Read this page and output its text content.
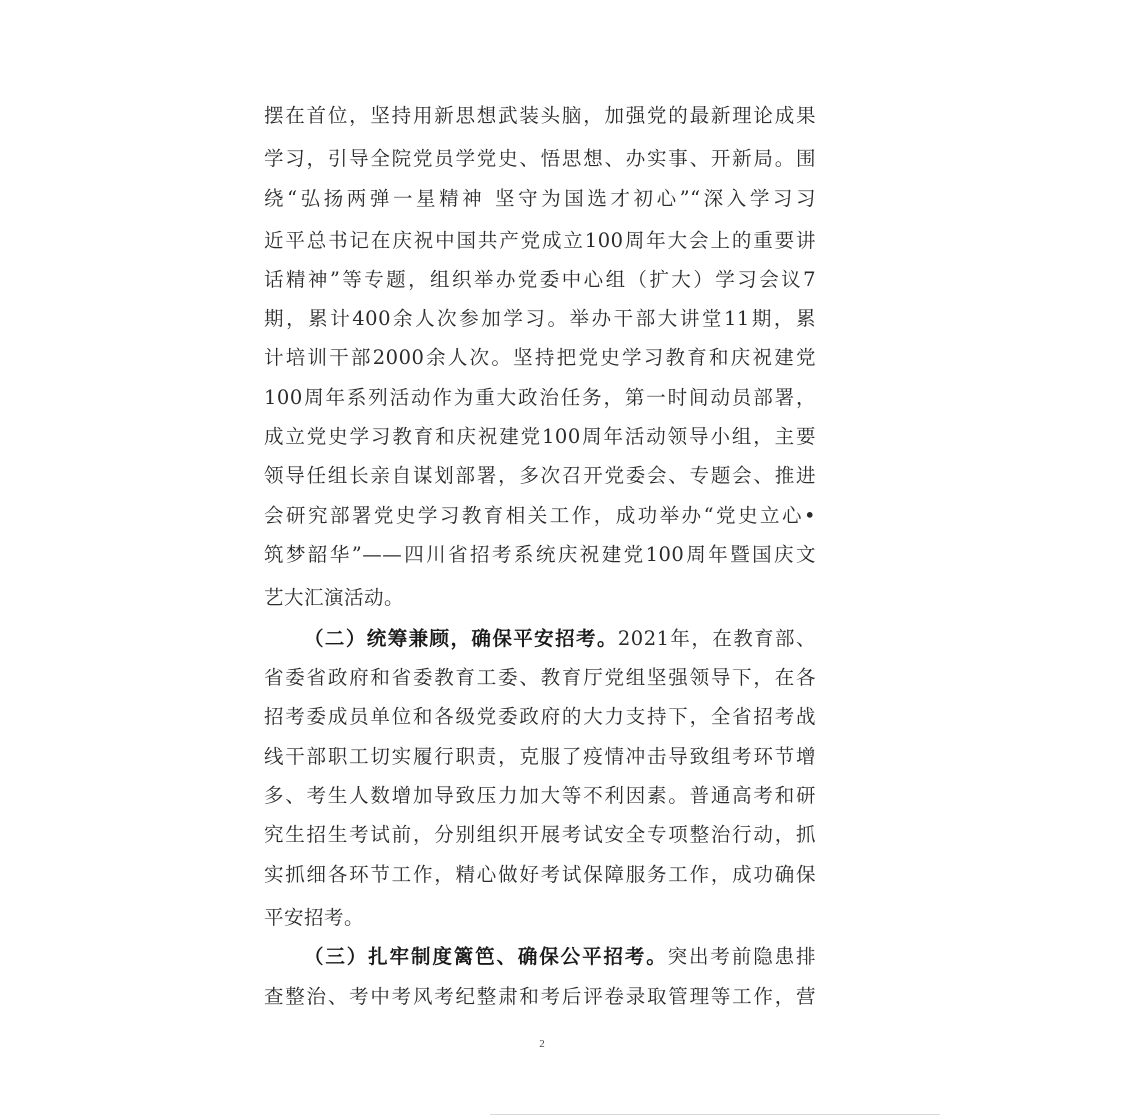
摆在首位，坚持用新思想武装头脑，加强党的最新理论成果
学习，引导全院党员学党史、悟思想、办实事、开新局。围
绕“弘扬两弹一星精神 坚守为国选才初心”“深入学习习
近平总书记在庆祝中国共产党成立100周年大会上的重要讲
话精神”等专题，组织举办党委中心组（扩大）学习会议7
期，累计400余人次参加学习。举办干部大讲堂11期，累
计培训干部2000余人次。坚持把党史学习教育和庆祝建党
100周年系列活动作为重大政治任务，第一时间动员部署，
成立党史学习教育和庆祝建党100周年活动领导小组，主要
领导任组长亲自谋划部署，多次召开党委会、专题会、推进
会研究部署党史学习教育相关工作，成功举办“党史立心•
筑梦韶华”——四川省招考系统庆祝建党100周年暨国庆文
艺大汇演活动。
（二）统筹兼顾，确保平安招考。2021年，在教育部、
省委省政府和省委教育工委、教育厅党组坚强领导下，在各
招考委成员单位和各级党委政府的大力支持下，全省招考战
线干部职工切实履行职责，克服了疫情冲击导致组考环节增
多、考生人数增加导致压力加大等不利因素。普通高考和研
究生招生考试前，分别组织开展考试安全专项整治行动，抓
实抓细各环节工作，精心做好考试保障服务工作，成功确保
平安招考。
（三）扎牢制度篱笆、确保公平招考。突出考前隐患排
查整治、考中考风考纪整肃和考后评卷录取管理等工作，营
2
